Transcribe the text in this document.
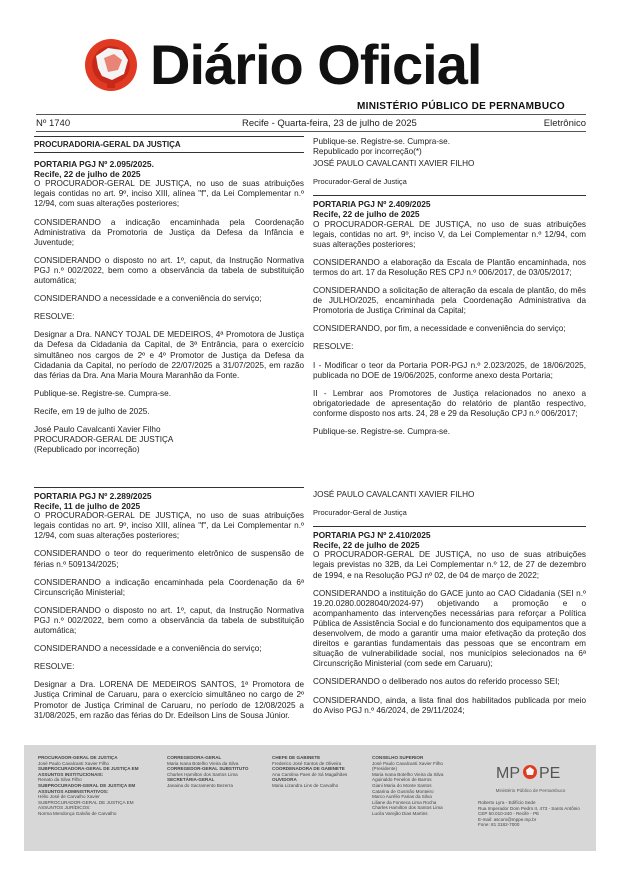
Diário Oficial
MINISTÉRIO PÚBLICO DE PERNAMBUCO
Nº 1740	Recife - Quarta-feira, 23 de julho de 2025	Eletrônico
PROCURADORIA-GERAL DA JUSTIÇA
PORTARIA PGJ Nº 2.095/2025.
Recife, 22 de julho de 2025

O PROCURADOR-GERAL DE JUSTIÇA, no uso de suas atribuições legais contidas no art. 9º, inciso XIII, alínea "f", da Lei Complementar n.º 12/94, com suas alterações posteriores;

CONSIDERANDO a indicação encaminhada pela Coordenação Administrativa da Promotoria de Justiça da Defesa da Infância e Juventude;

CONSIDERANDO o disposto no art. 1º, caput, da Instrução Normativa PGJ n.º 002/2022, bem como a observância da tabela de substituição automática;

CONSIDERANDO a necessidade e a conveniência do serviço;

RESOLVE:

Designar a Dra. NANCY TOJAL DE MEDEIROS, 4ª Promotora de Justiça da Defesa da Cidadania da Capital, de 3ª Entrância, para o exercício simultâneo nos cargos de 2º e 4º Promotor de Justiça da Defesa da Cidadania da Capital, no período de 22/07/2025 a 31/07/2025, em razão das férias da Dra. Ana Maria Moura Maranhão da Fonte.

Publique-se. Registre-se. Cumpra-se.

Recife, em 19 de julho de 2025.

José Paulo Cavalcanti Xavier Filho

PROCURADOR-GERAL DE JUSTIÇA

(Republicado por incorreção)

PORTARIA PGJ Nº 2.289/2025
Recife, 11 de julho de 2025

O PROCURADOR-GERAL DE JUSTIÇA, no uso de suas atribuições legais contidas no art. 9º, inciso XIII, alínea "f", da Lei Complementar n.º 12/94, com suas alterações posteriores;

CONSIDERANDO o teor do requerimento eletrônico de suspensão de férias n.º 509134/2025;

CONSIDERANDO a indicação encaminhada pela Coordenação da 6ª Circunscrição Ministerial;

CONSIDERANDO o disposto no art. 1º, caput, da Instrução Normativa PGJ n.º 002/2022, bem como a observância da tabela de substituição automática;

CONSIDERANDO a necessidade e a conveniência do serviço;

RESOLVE:

Designar a Dra. LORENA DE MEDEIROS SANTOS, 1ª Promotora de Justiça Criminal de Caruaru, para o exercício simultâneo no cargo de 2º Promotor de Justiça Criminal de Caruaru, no período de 12/08/2025 a 31/08/2025, em razão das férias do Dr. Edeilson Lins de Sousa Júnior.

Publique-se. Registre-se. Cumpra-se.

Republicado por incorreção(*)

JOSÉ PAULO CAVALCANTI XAVIER FILHO

Procurador-Geral de Justiça

PORTARIA PGJ Nº 2.409/2025
Recife, 22 de julho de 2025

O PROCURADOR-GERAL DE JUSTIÇA, no uso de suas atribuições legais, contidas no art. 9º, inciso V, da Lei Complementar n.º 12/94, com suas alterações posteriores;

CONSIDERANDO a elaboração da Escala de Plantão encaminhada, nos termos do art. 17 da Resolução RES CPJ n.º 006/2017, de 03/05/2017;

CONSIDERANDO a solicitação de alteração da escala de plantão, do mês de JULHO/2025, encaminhada pela Coordenação Administrativa da Promotoria de Justiça Criminal da Capital;

CONSIDERANDO, por fim, a necessidade e conveniência do serviço;

RESOLVE:

I - Modificar o teor da Portaria POR-PGJ n.º 2.023/2025, de 18/06/2025, publicada no DOE de 19/06/2025, conforme anexo desta Portaria;

II - Lembrar aos Promotores de Justiça relacionados no anexo a obrigatoriedade de apresentação do relatório de plantão respectivo, conforme disposto nos arts. 24, 28 e 29 da Resolução CPJ n.º 006/2017;

Publique-se. Registre-se. Cumpra-se.

JOSÉ PAULO CAVALCANTI XAVIER FILHO

Procurador-Geral de Justiça

PORTARIA PGJ Nº 2.410/2025
Recife, 22 de julho de 2025

O PROCURADOR-GERAL DE JUSTIÇA, no uso de suas atribuições legais previstas no 32B, da Lei Complementar n.º 12, de 27 de dezembro de 1994, e na Resolução PGJ nº 02, de 04 de março de 2022;

CONSIDERANDO a instituição do GACE junto ao CAO Cidadania (SEI n.º 19.20.0280.0028040/2024-97) objetivando a promoção e o acompanhamento das intervenções necessárias para reforçar a Política Pública de Assistência Social e do funcionamento dos equipamentos que a desenvolvem, de modo a garantir uma maior efetivação da proteção dos direitos e garantias fundamentais das pessoas que se encontram em situação de vulnerabilidade social, nos municípios selecionados na 6ª Circunscrição Ministerial (com sede em Caruaru);

CONSIDERANDO o deliberado nos autos do referido processo SEI;

CONSIDERANDO, ainda, a lista final dos habilitados publicada por meio do Aviso PGJ n.º 46/2024, de 29/11/2024;

PROCURADOR-GERAL DE JUSTIÇA
José Paulo Cavalcanti Xavier Filho
SUBPROCURADORA-GERAL DE JUSTIÇA EM ASSUNTOS INSTITUCIONAIS:
Renato da Silva Filho
SUBPROCURADOR-GERAL DE JUSTIÇA EM ASSUNTOS ADMINISTRATIVOS:
Hélio José de Carvalho Xavier
SUBPROCURADOR-GERAL DE JUSTIÇA EM ASSUNTOS JURÍDICOS:
Norma Mendonça Galvão de Carvalho
CORREGEDORA-GERAL
Maria Ivana Botelho Vieira da Silva
CORREGEDOR-GERAL SUBSTITUTO
Charles Hamilton dos Santos Lima
SECRETÁRIA-GERAL
Janaina do Sacramento Bezerra
CHEFE DE GABINETE
Frederico José Santos de Oliveira
COORDENADORA DE GABINETE
Ana Carolina Paes de Sá Magalhães
OUVIDORA
Maria Lizandra Lins de Carvalho
CONSELHO SUPERIOR
José Paulo Cavalcanti Xavier Filho
(Presidente)
Maria Ivana Botelho Vieira da Silva
Aguinaldo Fenelon de Barros
Giani Maria do Monte Santos
Catarina de Gusmão Monteiro
Marco Aurélio Farias da Silva
Liliane da Fonseca Lima Rocha
Charles Hamilton dos Santos Lima
Lucila Varejão Dias Martins
MP PE
Ministério Público de Pernambuco
Roberto Lyra - Edifício Sede
Rua Imperador Dom Pedro II, 473 - Santo Antônio
CEP 50.010-240 - Recife - PE
E-mail: ascom@mppe.mp.br
Fone: 81 3182-7000
